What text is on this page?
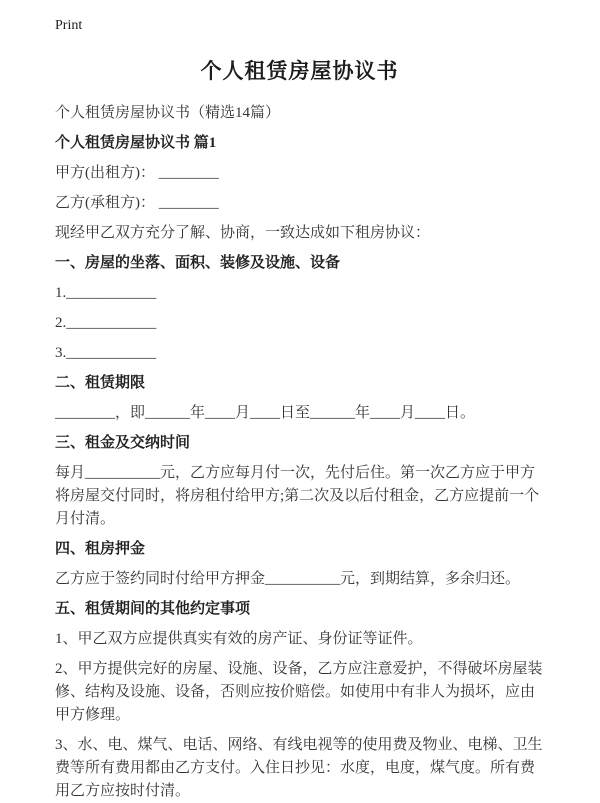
Print
个人租赁房屋协议书

个人租赁房屋协议书（精选14篇）

个人租赁房屋协议书 篇1

甲方(出租方)： ________

乙方(承租方)： ________

现经甲乙双方充分了解、协商，一致达成如下租房协议：

一、房屋的坐落、面积、装修及设施、设备

1.____________

2.____________

3.____________

二、租赁期限

________，即______年____月____日至______年____月____日。

三、租金及交纳时间

每月__________元，乙方应每月付一次，先付后住。第一次乙方应于甲方将房屋交付同时，将房租付给甲方;第二次及以后付租金，乙方应提前一个月付清。

四、租房押金

乙方应于签约同时付给甲方押金__________元，到期结算，多余归还。

五、租赁期间的其他约定事项

1、甲乙双方应提供真实有效的房产证、身份证等证件。

2、甲方提供完好的房屋、设施、设备，乙方应注意爱护，不得破坏房屋装修、结构及设施、设备，否则应按价赔偿。如使用中有非人为损坏，应由甲方修理。

3、水、电、煤气、电话、网络、有线电视等的使用费及物业、电梯、卫生费等所有费用都由乙方支付。入住日抄见：水度，电度，煤气度。所有费用乙方应按时付清。
